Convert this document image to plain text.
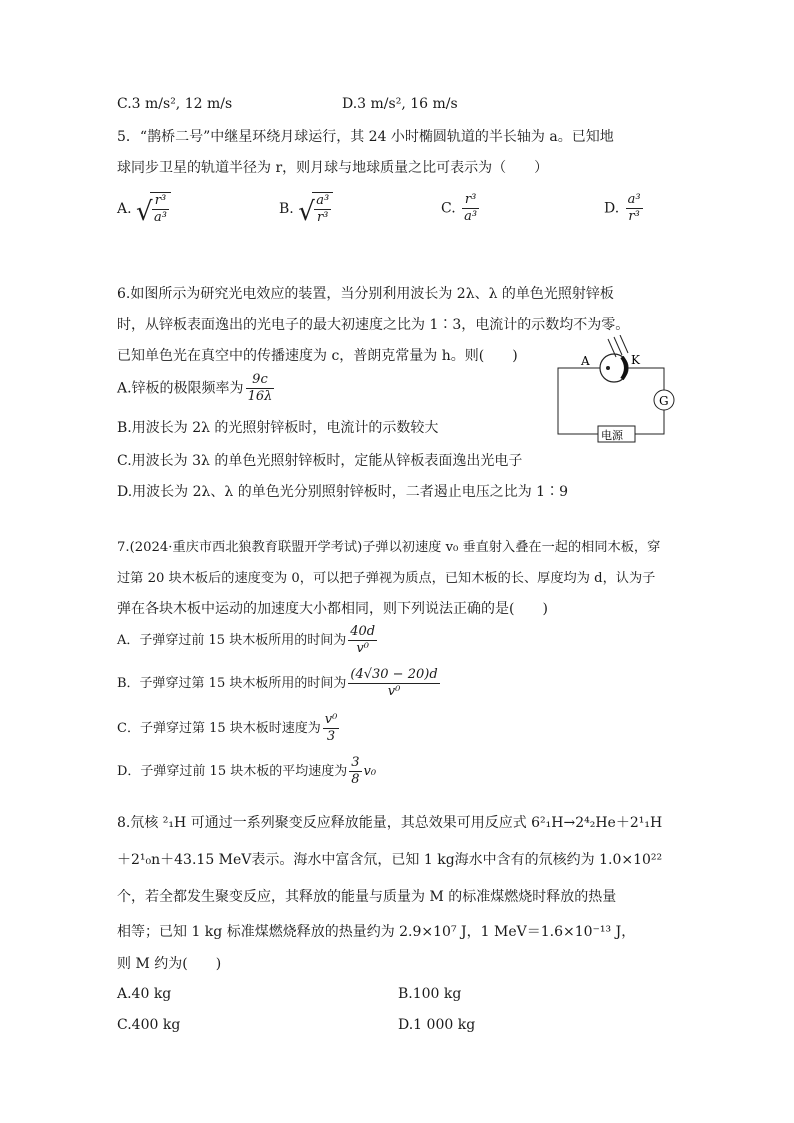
C.3 m/s², 12 m/s	D.3 m/s², 16 m/s
5．“鹊桥二号”中继星环绕月球运行，其 24 小时椭圆轨道的半长轴为 a。已知地
球同步卫星的轨道半径为 r，则月球与地球质量之比可表示为（　　）
A. √ $\frac{\text{r³}}{\text{a³}}$	B. √ $\frac{\text{a³}}{\text{r³}}$	C. $\frac{\text{r³}}{\text{a³}}$	D. $\frac{\text{a³}}{\text{r³}}$
6.如图所示为研究光电效应的装置，当分别利用波长为 2λ、λ 的单色光照射锌板
时，从锌板表面逸出的光电子的最大初速度之比为 1∶3，电流计的示数均不为零。
已知单色光在真空中的传播速度为 c，普朗克常量为 h。则(　　)
A.锌板的极限频率为 $\frac{9c}{16\lambda}$
B.用波长为 2λ 的光照射锌板时，电流计的示数较大
C.用波长为 3λ 的单色光照射锌板时，定能从锌板表面逸出光电子
D.用波长为 2λ、λ 的单色光分别照射锌板时，二者遏止电压之比为 1∶9
A	K
G
电源
7.(2024·重庆市西北狼教育联盟开学考试)子弹以初速度 v₀ 垂直射入叠在一起的相同木板，穿
过第 20 块木板后的速度变为 0，可以把子弹视为质点，已知木板的长、厚度均为 d，认为子
弹在各块木板中运动的加速度大小都相同，则下列说法正确的是(　　)
A．子弹穿过前 15 块木板所用的时间为 $\frac{40d}{\text{v⁰}}$
B．子弹穿过第 15 块木板所用的时间为 $\frac{(4√30 - 20)d}{\text{v⁰}}$
C．子弹穿过第 15 块木板时速度为 $\frac{\text{v⁰}}{3}$
D．子弹穿过前 15 块木板的平均速度为 $\frac{3}{8} v_0$
8.氘核 ²₁H 可通过一系列聚变反应释放能量，其总效果可用反应式 6²₁H→2⁴₂He＋2¹₁H
＋2¹₀n＋43.15 MeV表示。海水中富含氘，已知 1 kg海水中含有的氘核约为 1.0×10²²
个，若全都发生聚变反应，其释放的能量与质量为 M 的标准煤燃烧时释放的热量
相等；已知 1 kg 标准煤燃烧释放的热量约为 2.9×10⁷ J，1 MeV＝1.6×10⁻¹³ J，
则 M 约为(　　)
A.40 kg	B.100 kg
C.400 kg	D.1 000 kg
